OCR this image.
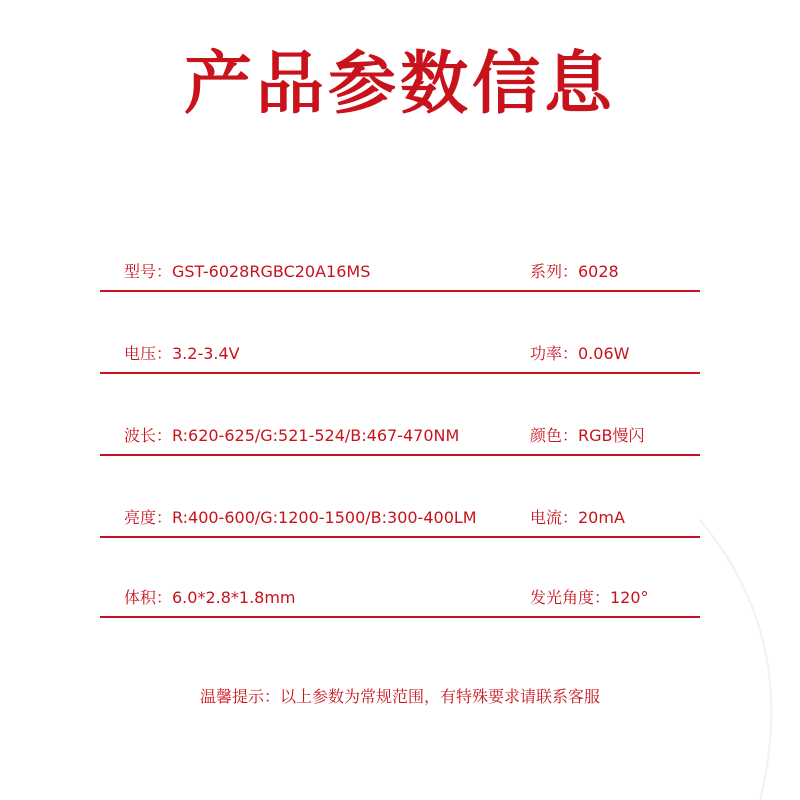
产品参数信息
型号：GST-6028RGBC20A16MS	系列：6028
电压：3.2-3.4V	功率：0.06W
波长：R:620-625/G:521-524/B:467-470NM	颜色：RGB慢闪
亮度：R:400-600/G:1200-1500/B:300-400LM	电流：20mA
体积：6.0*2.8*1.8mm	发光角度：120°
温馨提示：以上参数为常规范围，有特殊要求请联系客服
